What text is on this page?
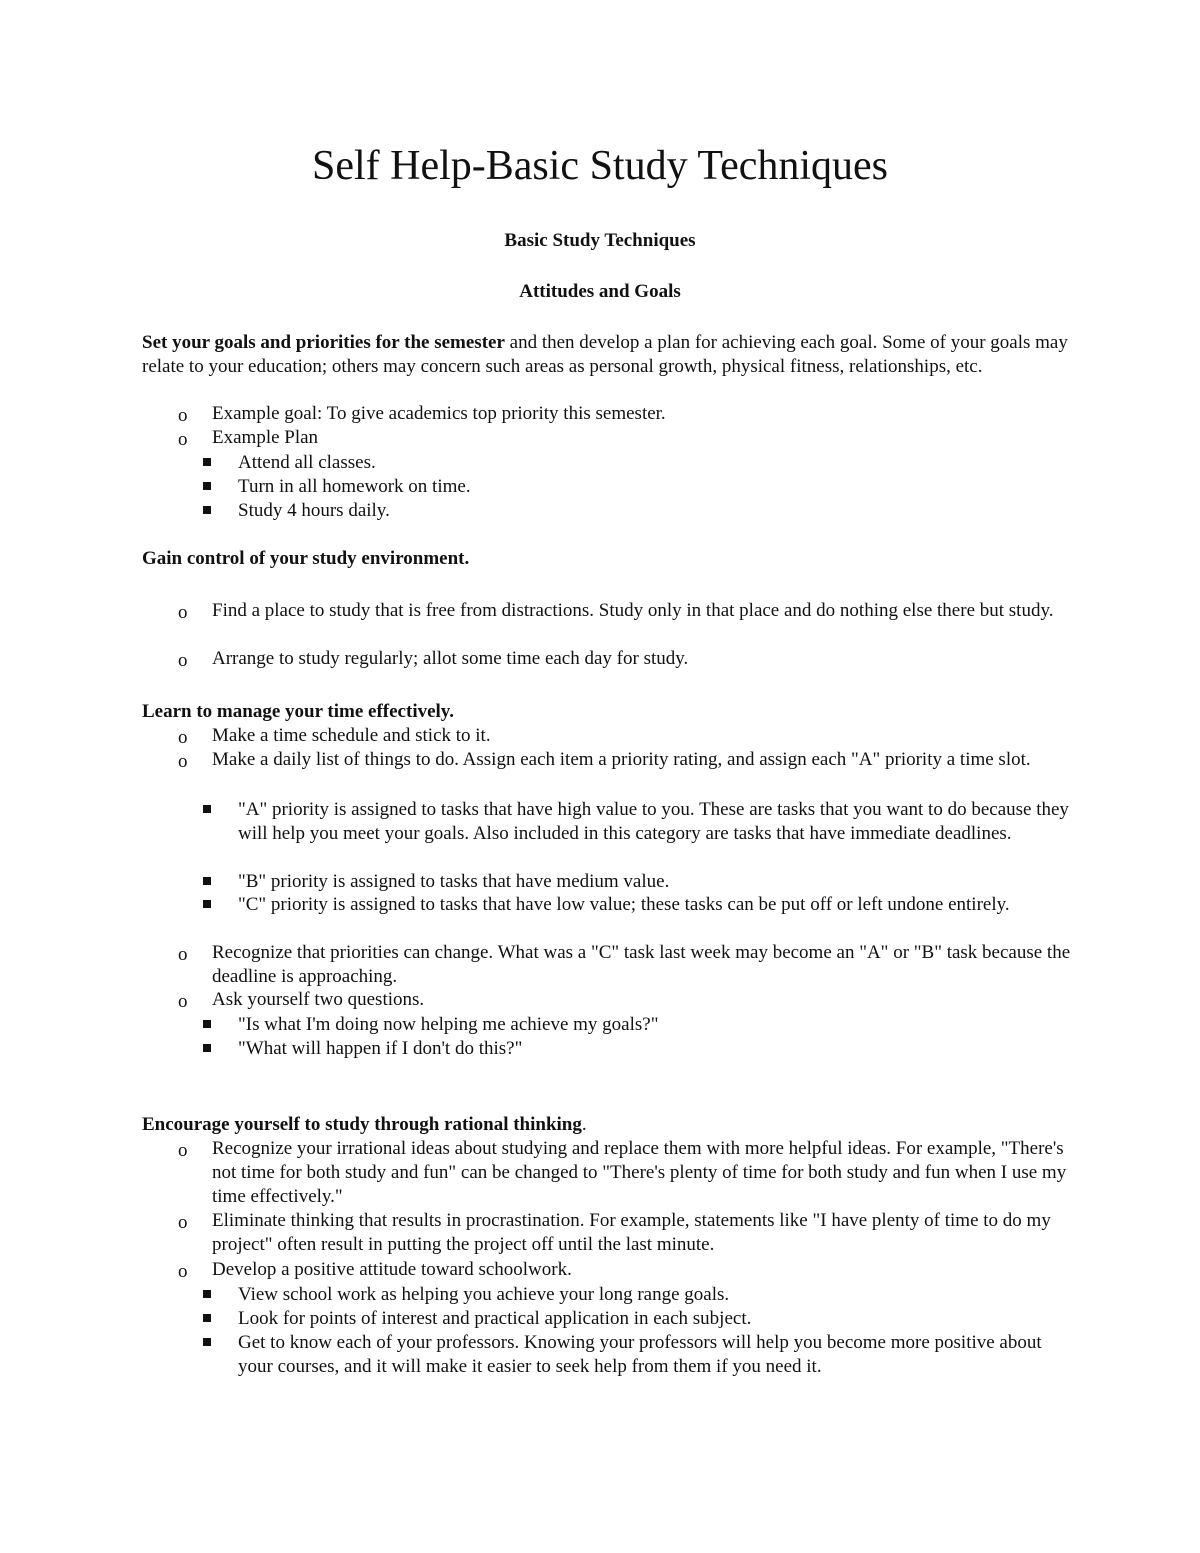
Self Help-Basic Study Techniques
Basic Study Techniques
Attitudes and Goals
Set your goals and priorities for the semester and then develop a plan for achieving each goal. Some of your goals may relate to your education; others may concern such areas as personal growth, physical fitness, relationships, etc.
o Example goal: To give academics top priority this semester.
o Example Plan
Attend all classes.
Turn in all homework on time.
Study 4 hours daily.
Gain control of your study environment.
o Find a place to study that is free from distractions. Study only in that place and do nothing else there but study.
o Arrange to study regularly; allot some time each day for study.
Learn to manage your time effectively.
o Make a time schedule and stick to it.
o Make a daily list of things to do. Assign each item a priority rating, and assign each "A" priority a time slot.
"A" priority is assigned to tasks that have high value to you. These are tasks that you want to do because they will help you meet your goals. Also included in this category are tasks that have immediate deadlines.
"B" priority is assigned to tasks that have medium value.
"C" priority is assigned to tasks that have low value; these tasks can be put off or left undone entirely.
o Recognize that priorities can change. What was a "C" task last week may become an "A" or "B" task because the deadline is approaching.
o Ask yourself two questions.
"Is what I'm doing now helping me achieve my goals?"
"What will happen if I don't do this?"
Encourage yourself to study through rational thinking.
o Recognize your irrational ideas about studying and replace them with more helpful ideas. For example, "There's not time for both study and fun" can be changed to "There's plenty of time for both study and fun when I use my time effectively."
o Eliminate thinking that results in procrastination. For example, statements like "I have plenty of time to do my project" often result in putting the project off until the last minute.
o Develop a positive attitude toward schoolwork.
View school work as helping you achieve your long range goals.
Look for points of interest and practical application in each subject.
Get to know each of your professors. Knowing your professors will help you become more positive about your courses, and it will make it easier to seek help from them if you need it.
